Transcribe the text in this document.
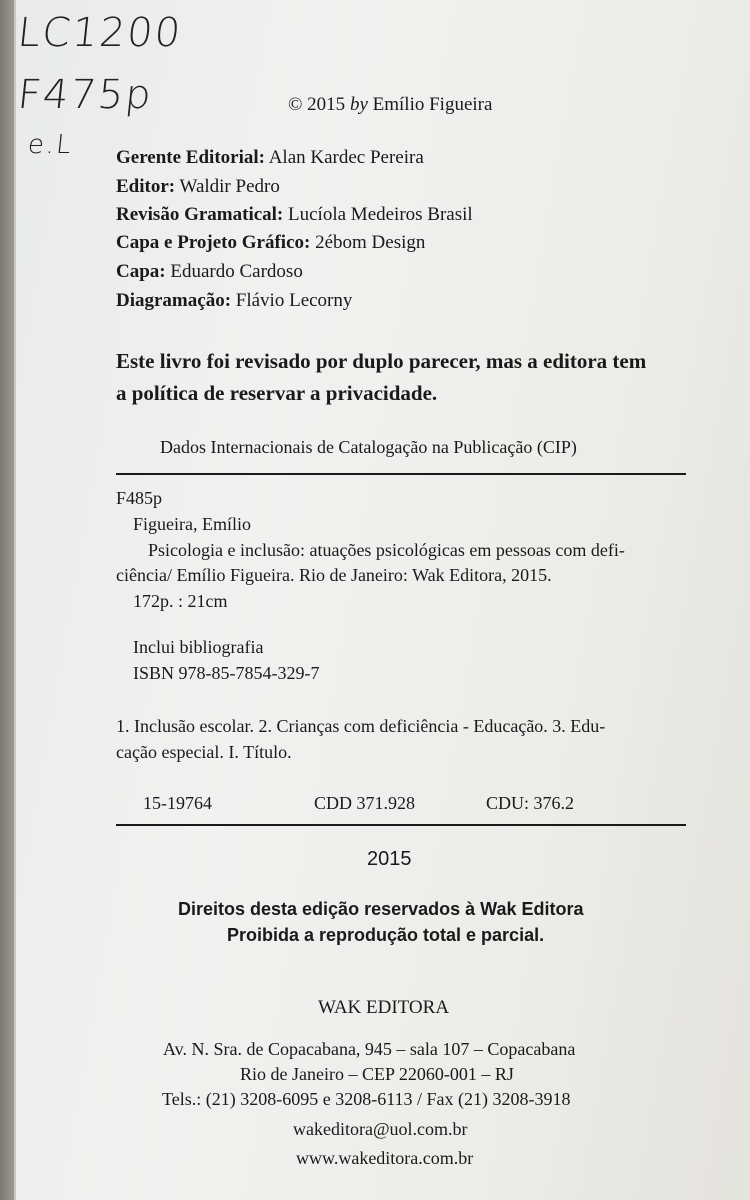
LC1200
F475p
e.L
© 2015 by Emílio Figueira
Gerente Editorial: Alan Kardec Pereira
Editor: Waldir Pedro
Revisão Gramatical: Lucíola Medeiros Brasil
Capa e Projeto Gráfico: 2ébom Design
Capa: Eduardo Cardoso
Diagramação: Flávio Lecorny
Este livro foi revisado por duplo parecer, mas a editora tem
a política de reservar a privacidade.
Dados Internacionais de Catalogação na Publicação (CIP)
F485p
Figueira, Emílio
Psicologia e inclusão: atuações psicológicas em pessoas com defi-
ciência/ Emílio Figueira. Rio de Janeiro: Wak Editora, 2015.
172p. : 21cm
Inclui bibliografia
ISBN 978-85-7854-329-7
1. Inclusão escolar. 2. Crianças com deficiência - Educação. 3. Edu-
cação especial. I. Título.
15-19764	CDD 371.928	CDU: 376.2
2015
Direitos desta edição reservados à Wak Editora
Proibida a reprodução total e parcial.
WAK EDITORA
Av. N. Sra. de Copacabana, 945 – sala 107 – Copacabana
Rio de Janeiro – CEP 22060-001 – RJ
Tels.: (21) 3208-6095 e 3208-6113 / Fax (21) 3208-3918
wakeditora@uol.com.br
www.wakeditora.com.br
